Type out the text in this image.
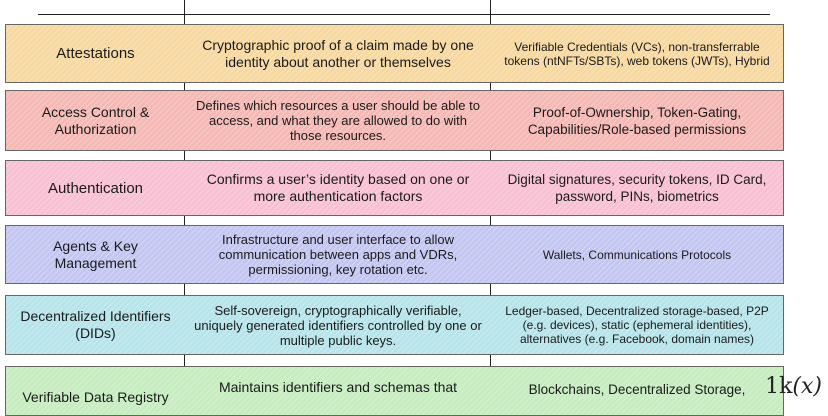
Attestations
Cryptographic proof of a claim made by one identity about another or themselves
Verifiable Credentials (VCs), non-transferrable tokens (ntNFTs/SBTs), web tokens (JWTs), Hybrid
Access Control & Authorization
Defines which resources a user should be able to access, and what they are allowed to do with those resources.
Proof-of-Ownership, Token-Gating, Capabilities/Role-based permissions
Authentication
Confirms a user’s identity based on one or more authentication factors
Digital signatures, security tokens, ID Card, password, PINs, biometrics
Agents & Key Management
Infrastructure and user interface to allow communication between apps and VDRs, permissioning, key rotation etc.
Wallets, Communications Protocols
Decentralized Identifiers (DIDs)
Self-sovereign, cryptographically verifiable, uniquely generated identifiers controlled by one or multiple public keys.
Ledger-based, Decentralized storage-based, P2P (e.g. devices), static (ephemeral identities), alternatives (e.g. Facebook, domain names)
Verifiable Data Registry
Maintains identifiers and schemas that	Blockchains, Decentralized Storage, 1k(x)
